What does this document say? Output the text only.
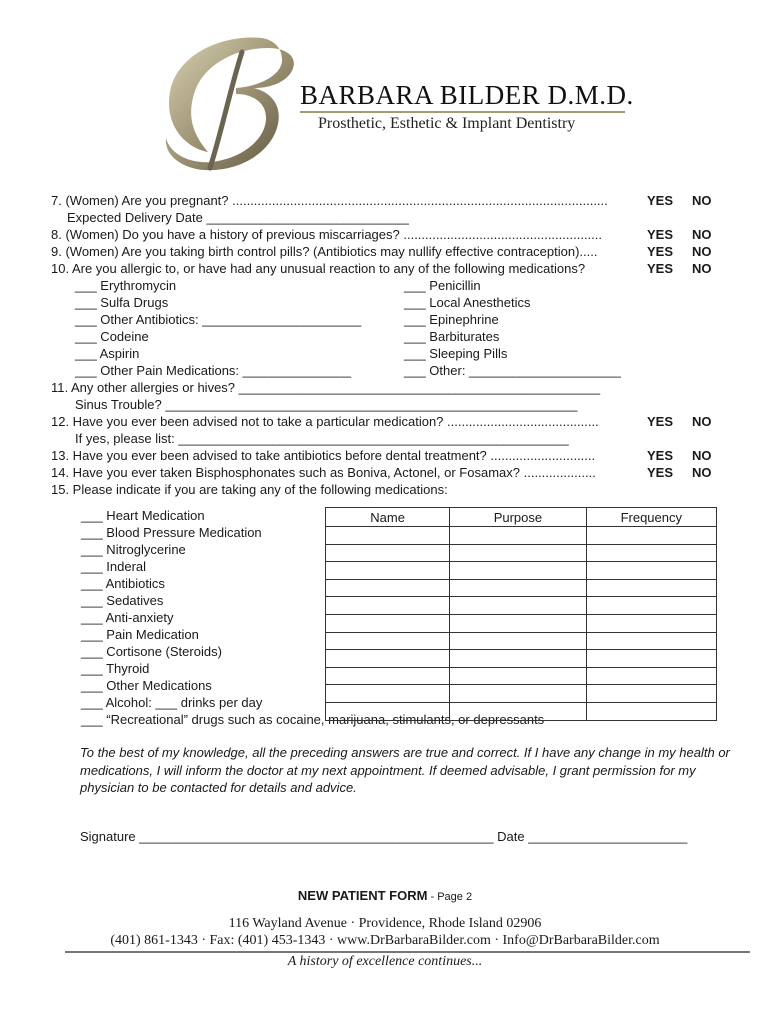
BARBARA BILDER D.M.D.
Prosthetic, Esthetic & Implant Dentistry
7. (Women) Are you pregnant? ........................................................................................................	YES NO
Expected Delivery Date ____________________________
8. (Women) Do you have a history of previous miscarriages? .......................................................	YES NO
9. (Women) Are you taking birth control pills? (Antibiotics may nullify effective contraception).....	YES NO
10. Are you allergic to, or have had any unusual reaction to any of the following medications?	YES NO
___ Erythromycin
___ Sulfa Drugs
___ Other Antibiotics: ______________________
___ Codeine
___ Aspirin
___ Other Pain Medications: _______________
___ Penicillin
___ Local Anesthetics
___ Epinephrine
___ Barbiturates
___ Sleeping Pills
___ Other: _____________________
11. Any other allergies or hives? __________________________________________________
Sinus Trouble? _________________________________________________________
12. Have you ever been advised not to take a particular medication? ..........................................	YES NO
If yes, please list: ______________________________________________________
13. Have you ever been advised to take antibiotics before dental treatment? .............................	YES NO
14. Have you ever taken Bisphosphonates such as Boniva, Actonel, or Fosamax? ....................	YES NO
15. Please indicate if you are taking any of the following medications:
___ Heart Medication
___ Blood Pressure Medication
___ Nitroglycerine
___ Inderal
___ Antibiotics
___ Sedatives
___ Anti-anxiety
___ Pain Medication
___ Cortisone (Steroids)
___ Thyroid
___ Other Medications
___ Alcohol: ___ drinks per day
___ “Recreational” drugs such as cocaine, marijuana, stimulants, or depressants
Name	Purpose	Frequency

To the best of my knowledge, all the preceding answers are true and correct. If I have any change in my health or medications, I will inform the doctor at my next appointment. If deemed advisable, I grant permission for my physician to be contacted for details and advice.
Signature _________________________________________________ Date ______________________
NEW PATIENT FORM - Page 2
116 Wayland Avenue · Providence, Rhode Island 02906
(401) 861-1343 · Fax: (401) 453-1343 · www.DrBarbaraBilder.com · Info@DrBarbaraBilder.com
A history of excellence continues...
